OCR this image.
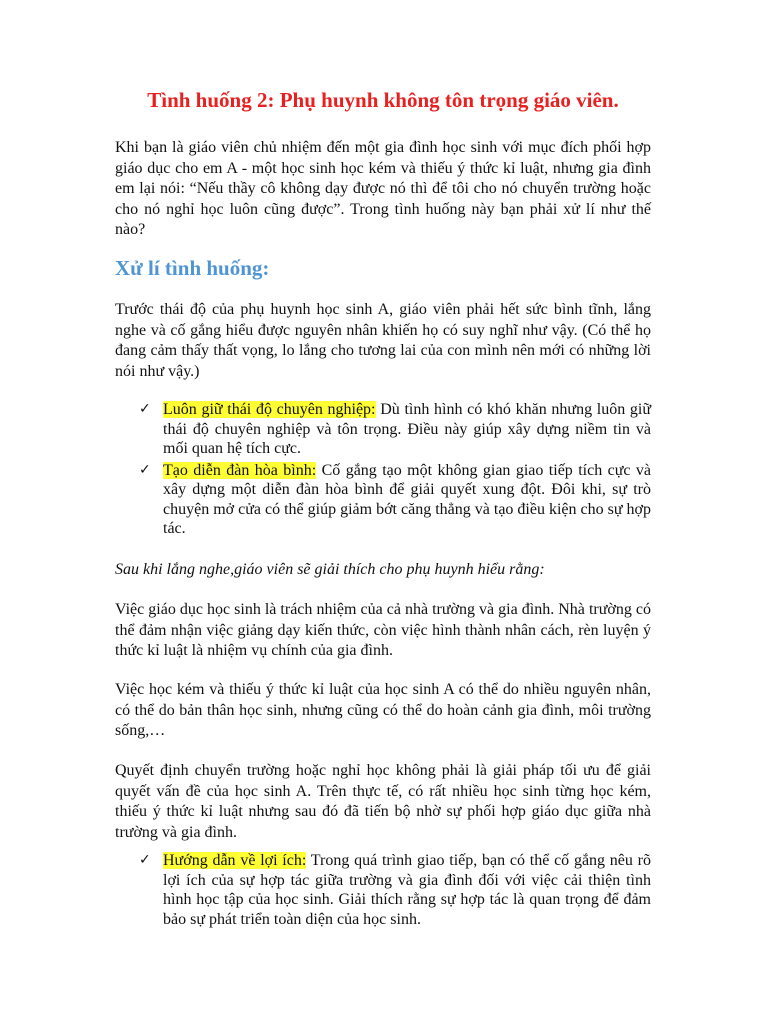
Tình huống 2: Phụ huynh không tôn trọng giáo viên.

Khi bạn là giáo viên chủ nhiệm đến một gia đình học sinh với mục đích phối hợp giáo dục cho em A - một học sinh học kém và thiếu ý thức kỉ luật, nhưng gia đình em lại nói: “Nếu thầy cô không dạy được nó thì để tôi cho nó chuyển trường hoặc cho nó nghỉ học luôn cũng được”. Trong tình huống này bạn phải xử lí như thế nào?

Xử lí tình huống:

Trước thái độ của phụ huynh học sinh A, giáo viên phải hết sức bình tĩnh, lắng nghe và cố gắng hiểu được nguyên nhân khiến họ có suy nghĩ như vậy. (Có thể họ đang cảm thấy thất vọng, lo lắng cho tương lai của con mình nên mới có những lời nói như vậy.)

✓ Luôn giữ thái độ chuyên nghiệp: Dù tình hình có khó khăn nhưng luôn giữ thái độ chuyên nghiệp và tôn trọng. Điều này giúp xây dựng niềm tin và mối quan hệ tích cực.
✓ Tạo diễn đàn hòa bình: Cố gắng tạo một không gian giao tiếp tích cực và xây dựng một diễn đàn hòa bình để giải quyết xung đột. Đôi khi, sự trò chuyện mở cửa có thể giúp giảm bớt căng thẳng và tạo điều kiện cho sự hợp tác.

Sau khi lắng nghe,giáo viên sẽ giải thích cho phụ huynh hiểu rằng:

Việc giáo dục học sinh là trách nhiệm của cả nhà trường và gia đình. Nhà trường có thể đảm nhận việc giảng dạy kiến thức, còn việc hình thành nhân cách, rèn luyện ý thức kỉ luật là nhiệm vụ chính của gia đình.

Việc học kém và thiếu ý thức kỉ luật của học sinh A có thể do nhiều nguyên nhân, có thể do bản thân học sinh, nhưng cũng có thể do hoàn cảnh gia đình, môi trường sống,…

Quyết định chuyển trường hoặc nghỉ học không phải là giải pháp tối ưu để giải quyết vấn đề của học sinh A. Trên thực tế, có rất nhiều học sinh từng học kém, thiếu ý thức kỉ luật nhưng sau đó đã tiến bộ nhờ sự phối hợp giáo dục giữa nhà trường và gia đình.

✓ Hướng dẫn về lợi ích: Trong quá trình giao tiếp, bạn có thể cố gắng nêu rõ lợi ích của sự hợp tác giữa trường và gia đình đối với việc cải thiện tình hình học tập của học sinh. Giải thích rằng sự hợp tác là quan trọng để đảm bảo sự phát triển toàn diện của học sinh.
